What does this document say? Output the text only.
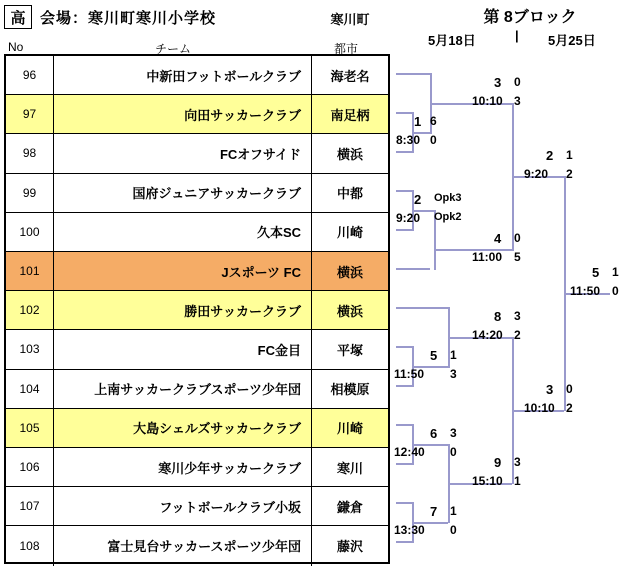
高 会場：寒川町寒川小学校	寒川町	第 8ブロック
5月18日	| 5月25日
No	チーム	都市
96	中新田フットボールクラブ	海老名
97	向田サッカークラブ	南足柄
98	FCオフサイド	横浜
99	国府ジュニアサッカークラブ	中都
100	久本SC	川崎
101	Jスポーツ FC	横浜
102	勝田サッカークラブ	横浜
103	FC金目	平塚
104	上南サッカークラブスポーツ少年団	相模原
105	大島シェルズサッカークラブ	川崎
106	寒川少年サッカークラブ	寒川
107	フットボールクラブ小坂	鎌倉
108	富士見台サッカースポーツ少年団	藤沢
1 6
0
8:30
2 Opk3
Opk2
9:20
3 0
3
10:10
4 0
5
11:00
2 1
2
9:20
5 1
3
11:50
6 3
0
12:40
7 1
0
13:30
8 3
2
14:20
9 3
1
15:10
3 0
2
10:10
5 1
0
11:50
